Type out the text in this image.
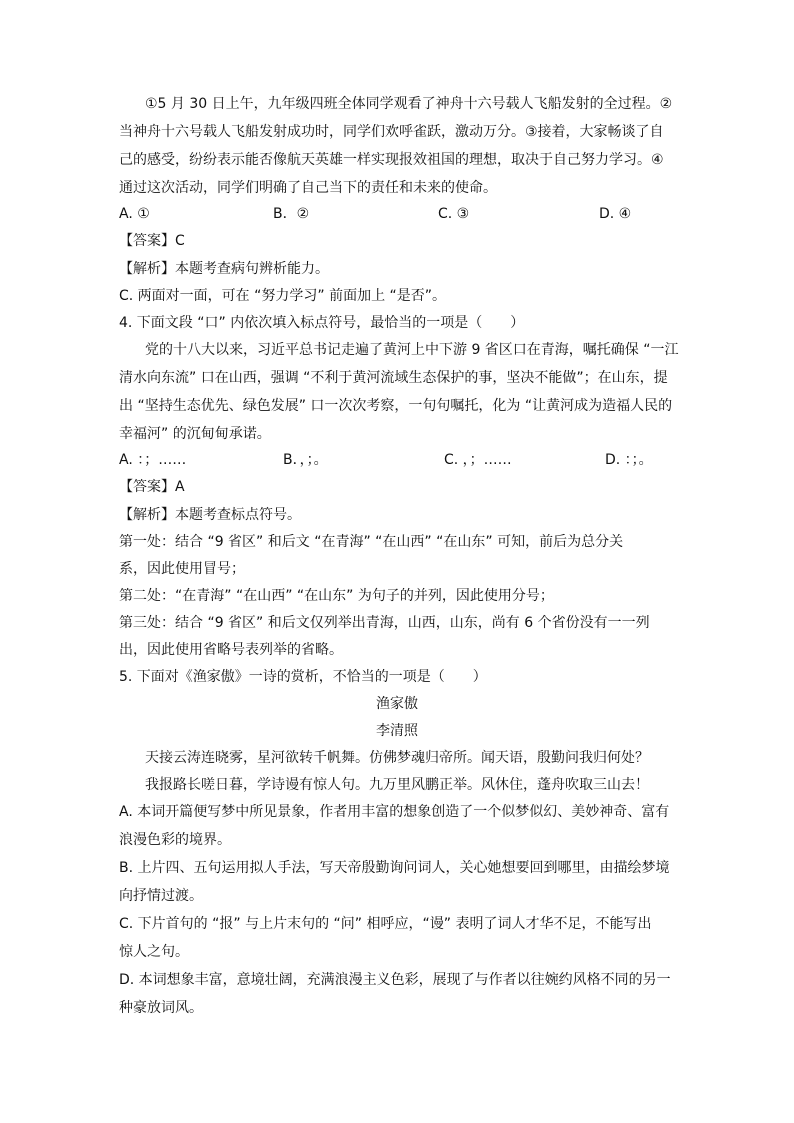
①5 月 30 日上午，九年级四班全体同学观看了神舟十六号载人飞船发射的全过程。②
当神舟十六号载人飞船发射成功时，同学们欢呼雀跃，激动万分。③接着，大家畅谈了自
己的感受，纷纷表示能否像航天英雄一样实现报效祖国的理想，取决于自己努力学习。④
通过这次活动，同学们明确了自己当下的责任和未来的使命。
A. ①	B．②	C. ③	D. ④
【答案】C
【解析】本题考查病句辨析能力。
C. 两面对一面，可在 “努力学习” 前面加上 “是否”。
4. 下面文段 “口” 内依次填入标点符号，最恰当的一项是（　　）
党的十八大以来，习近平总书记走遍了黄河上中下游 9 省区口在青海，嘱托确保 “一江
清水向东流” 口在山西，强调 “不利于黄河流域生态保护的事，坚决不能做”；在山东，提
出 “坚持生态优先、绿色发展” 口一次次考察，一句句嘱托，化为 “让黄河成为造福人民的
幸福河” 的沉甸甸承诺。
A. ：；……	B．，；。	C. ，；……	D. ：；。
【答案】A
【解析】本题考查标点符号。
第一处：结合 “9 省区” 和后文 “在青海” “在山西” “在山东” 可知，前后为总分关
系，因此使用冒号；
第二处：“在青海” “在山西” “在山东” 为句子的并列，因此使用分号；
第三处：结合 “9 省区” 和后文仅列举出青海，山西，山东，尚有 6 个省份没有一一列
出，因此使用省略号表列举的省略。
5. 下面对《渔家傲》一诗的赏析，不恰当的一项是（　　）
渔家傲
李清照
天接云涛连晓雾，星河欲转千帆舞。仿佛梦魂归帝所。闻天语，殷勤问我归何处？
我报路长嗟日暮，学诗谩有惊人句。九万里风鹏正举。风休住，蓬舟吹取三山去！
A. 本词开篇便写梦中所见景象，作者用丰富的想象创造了一个似梦似幻、美妙神奇、富有
浪漫色彩的境界。
B. 上片四、五句运用拟人手法，写天帝殷勤询问词人，关心她想要回到哪里，由描绘梦境
向抒情过渡。
C. 下片首句的 “报” 与上片末句的 “问” 相呼应，“谩” 表明了词人才华不足，不能写出
惊人之句。
D. 本词想象丰富，意境壮阔，充满浪漫主义色彩，展现了与作者以往婉约风格不同的另一
种豪放词风。
